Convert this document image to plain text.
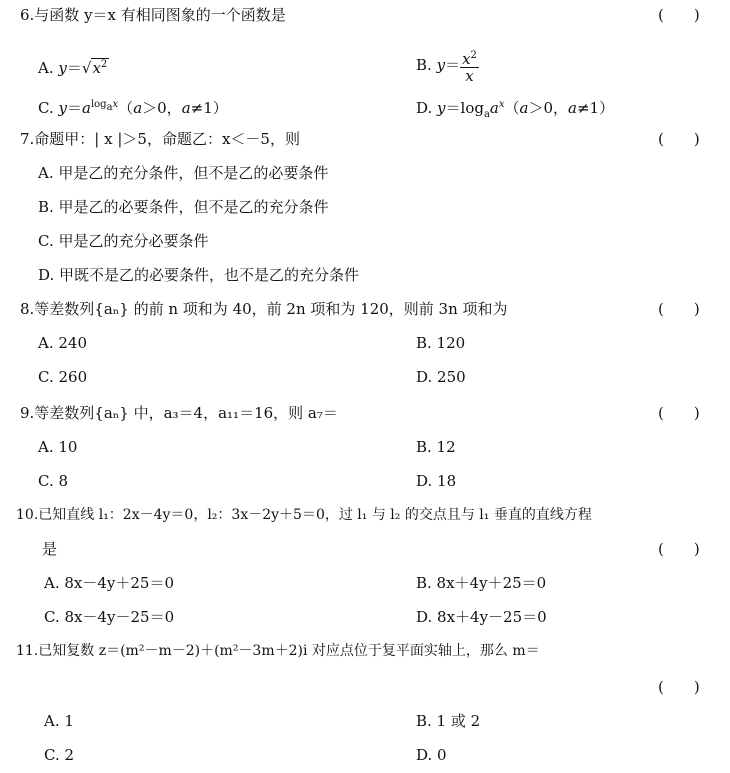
6.与函数 y＝x 有相同图象的一个函数是	(　　)
A. $y=√x^2$	B. $y= \frac{x^2}{x}$
C. $y=a^{log_ax}(a>0$，a≠1）	D. $y=\log_aa^x(a>0$，a≠1）
7.命题甲：| x |＞5，命题乙：x＜－5，则	(　　)
A. 甲是乙的充分条件，但不是乙的必要条件
B. 甲是乙的必要条件，但不是乙的充分条件
C. 甲是乙的充分必要条件
D. 甲既不是乙的必要条件，也不是乙的充分条件
8.等差数列{aₙ} 的前 n 项和为 40，前 2n 项和为 120，则前 3n 项和为	(　　)
A. 240	B. 120
C. 260	D. 250
9.等差数列{aₙ} 中，a₃＝4，a₁₁＝16，则 a₇＝	(　　)
A. 10	B. 12
C. 8	D. 18
10.已知直线 l₁：2x－4y＝0，l₂：3x－2y＋5＝0，过 l₁ 与 l₂ 的交点且与 l₁ 垂直的直线方程
是	(　　)
A. 8x－4y＋25＝0	B. 8x＋4y＋25＝0
C. 8x－4y－25＝0	D. 8x＋4y－25＝0
11.已知复数 z＝(m²－m－2)＋(m²－3m＋2)i 对应点位于复平面实轴上，那么 m＝
(　　)
A. 1	B. 1 或 2
C. 2	D. 0
